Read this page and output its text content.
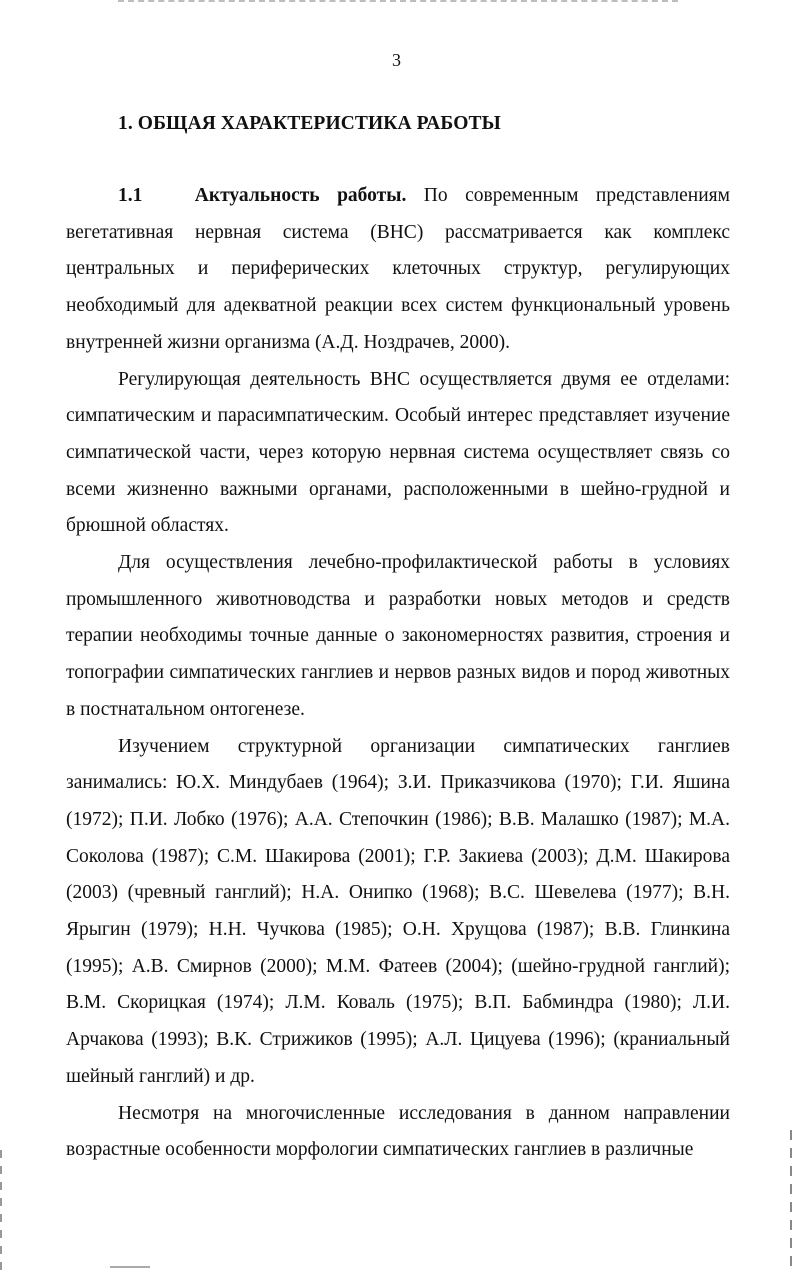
3
1. ОБЩАЯ ХАРАКТЕРИСТИКА РАБОТЫ

1.1	Актуальность работы. По современным представлениям вегетативная нервная система (ВНС) рассматривается как комплекс центральных и периферических клеточных структур, регулирующих необходимый для адекватной реакции всех систем функциональный уровень внутренней жизни организма (А.Д. Ноздрачев, 2000).

Регулирующая деятельность ВНС осуществляется двумя ее отделами: симпатическим и парасимпатическим. Особый интерес представляет изучение симпатической части, через которую нервная система осуществляет связь со всеми жизненно важными органами, расположенными в шейно-грудной и брюшной областях.

Для осуществления лечебно-профилактической работы в условиях промышленного животноводства и разработки новых методов и средств терапии необходимы точные данные о закономерностях развития, строения и топографии симпатических ганглиев и нервов разных видов и пород животных в постнатальном онтогенезе.

Изучением структурной организации симпатических ганглиев занимались: Ю.Х. Миндубаев (1964); З.И. Приказчикова (1970); Г.И. Яшина (1972); П.И. Лобко (1976); А.А. Степочкин (1986); В.В. Малашко (1987); М.А. Соколова (1987); С.М. Шакирова (2001); Г.Р. Закиева (2003); Д.М. Шакирова (2003) (чревный ганглий); Н.А. Онипко (1968); В.С. Шевелева (1977); В.Н. Ярыгин (1979); Н.Н. Чучкова (1985); О.Н. Хрущова (1987); В.В. Глинкина (1995); А.В. Смирнов (2000); М.М. Фатеев (2004); (шейно-грудной ганглий); В.М. Скорицкая (1974); Л.М. Коваль (1975); В.П. Бабминдра (1980); Л.И. Арчакова (1993); В.К. Стрижиков (1995); А.Л. Цицуева (1996); (краниальный шейный ганглий) и др.

Несмотря на многочисленные исследования в данном направлении возрастные особенности морфологии симпатических ганглиев в различные
